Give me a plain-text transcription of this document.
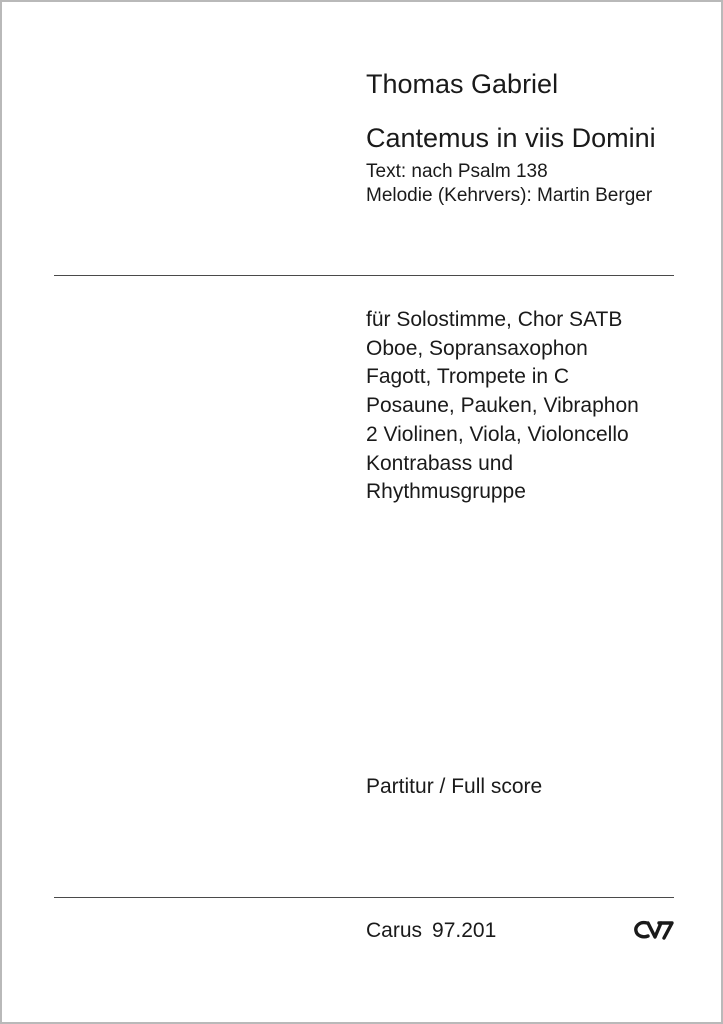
Thomas Gabriel
Cantemus in viis Domini
Text: nach Psalm 138
Melodie (Kehrvers): Martin Berger
für Solostimme, Chor SATB
Oboe, Sopransaxophon
Fagott, Trompete in C
Posaune, Pauken, Vibraphon
2 Violinen, Viola, Violoncello
Kontrabass und
Rhythmusgruppe
Partitur / Full score
Carus 97.201
